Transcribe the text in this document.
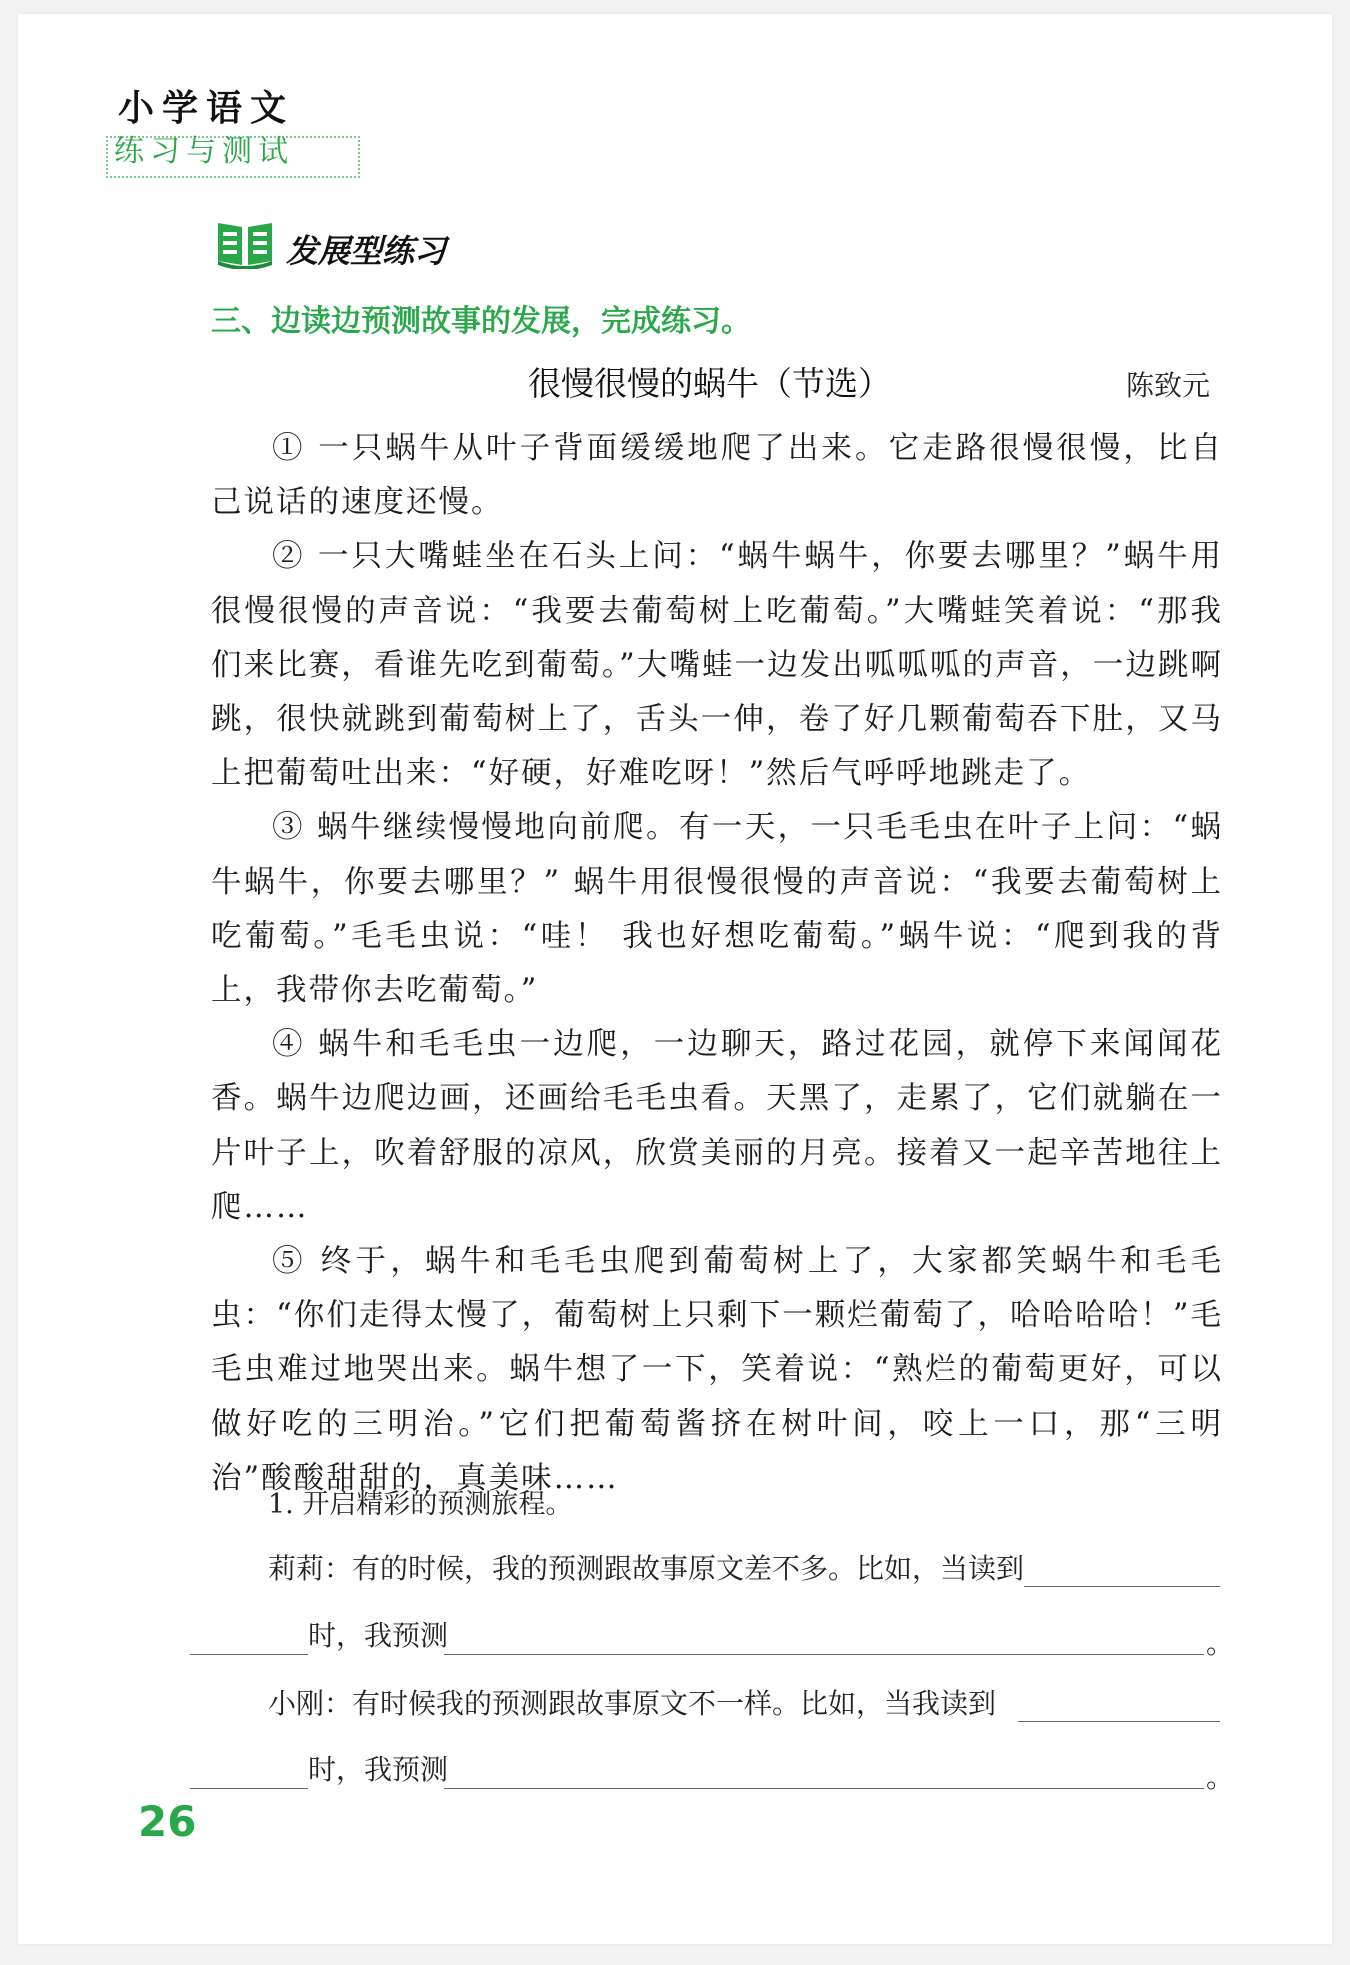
小学语文
练习与测试
发展型练习
三、边读边预测故事的发展，完成练习。
很慢很慢的蜗牛（节选）	陈致元

① 一只蜗牛从叶子背面缓缓地爬了出来。它走路很慢很慢，比自己说话的速度还慢。

② 一只大嘴蛙坐在石头上问：“蜗牛蜗牛，你要去哪里？”蜗牛用很慢很慢的声音说：“我要去葡萄树上吃葡萄。”大嘴蛙笑着说：“那我们来比赛，看谁先吃到葡萄。”大嘴蛙一边发出呱呱呱的声音，一边跳啊跳，很快就跳到葡萄树上了，舌头一伸，卷了好几颗葡萄吞下肚，又马上把葡萄吐出来：“好硬，好难吃呀！”然后气呼呼地跳走了。

③ 蜗牛继续慢慢地向前爬。有一天，一只毛毛虫在叶子上问：“蜗牛蜗牛，你要去哪里？” 蜗牛用很慢很慢的声音说：“我要去葡萄树上吃葡萄。”毛毛虫说：“哇！ 我也好想吃葡萄。”蜗牛说：“爬到我的背上，我带你去吃葡萄。”

④ 蜗牛和毛毛虫一边爬，一边聊天，路过花园，就停下来闻闻花香。蜗牛边爬边画，还画给毛毛虫看。天黑了，走累了，它们就躺在一片叶子上，吹着舒服的凉风，欣赏美丽的月亮。接着又一起辛苦地往上爬……

⑤ 终于，蜗牛和毛毛虫爬到葡萄树上了，大家都笑蜗牛和毛毛虫：“你们走得太慢了，葡萄树上只剩下一颗烂葡萄了，哈哈哈哈！”毛毛虫难过地哭出来。蜗牛想了一下，笑着说：“熟烂的葡萄更好，可以做好吃的三明治。”它们把葡萄酱挤在树叶间，咬上一口，那“三明治”酸酸甜甜的，真美味……

1. 开启精彩的预测旅程。
莉莉：有的时候，我的预测跟故事原文差不多。比如，当读到
时，我预测	。
小刚：有时候我的预测跟故事原文不一样。比如，当我读到
时，我预测	。
26
